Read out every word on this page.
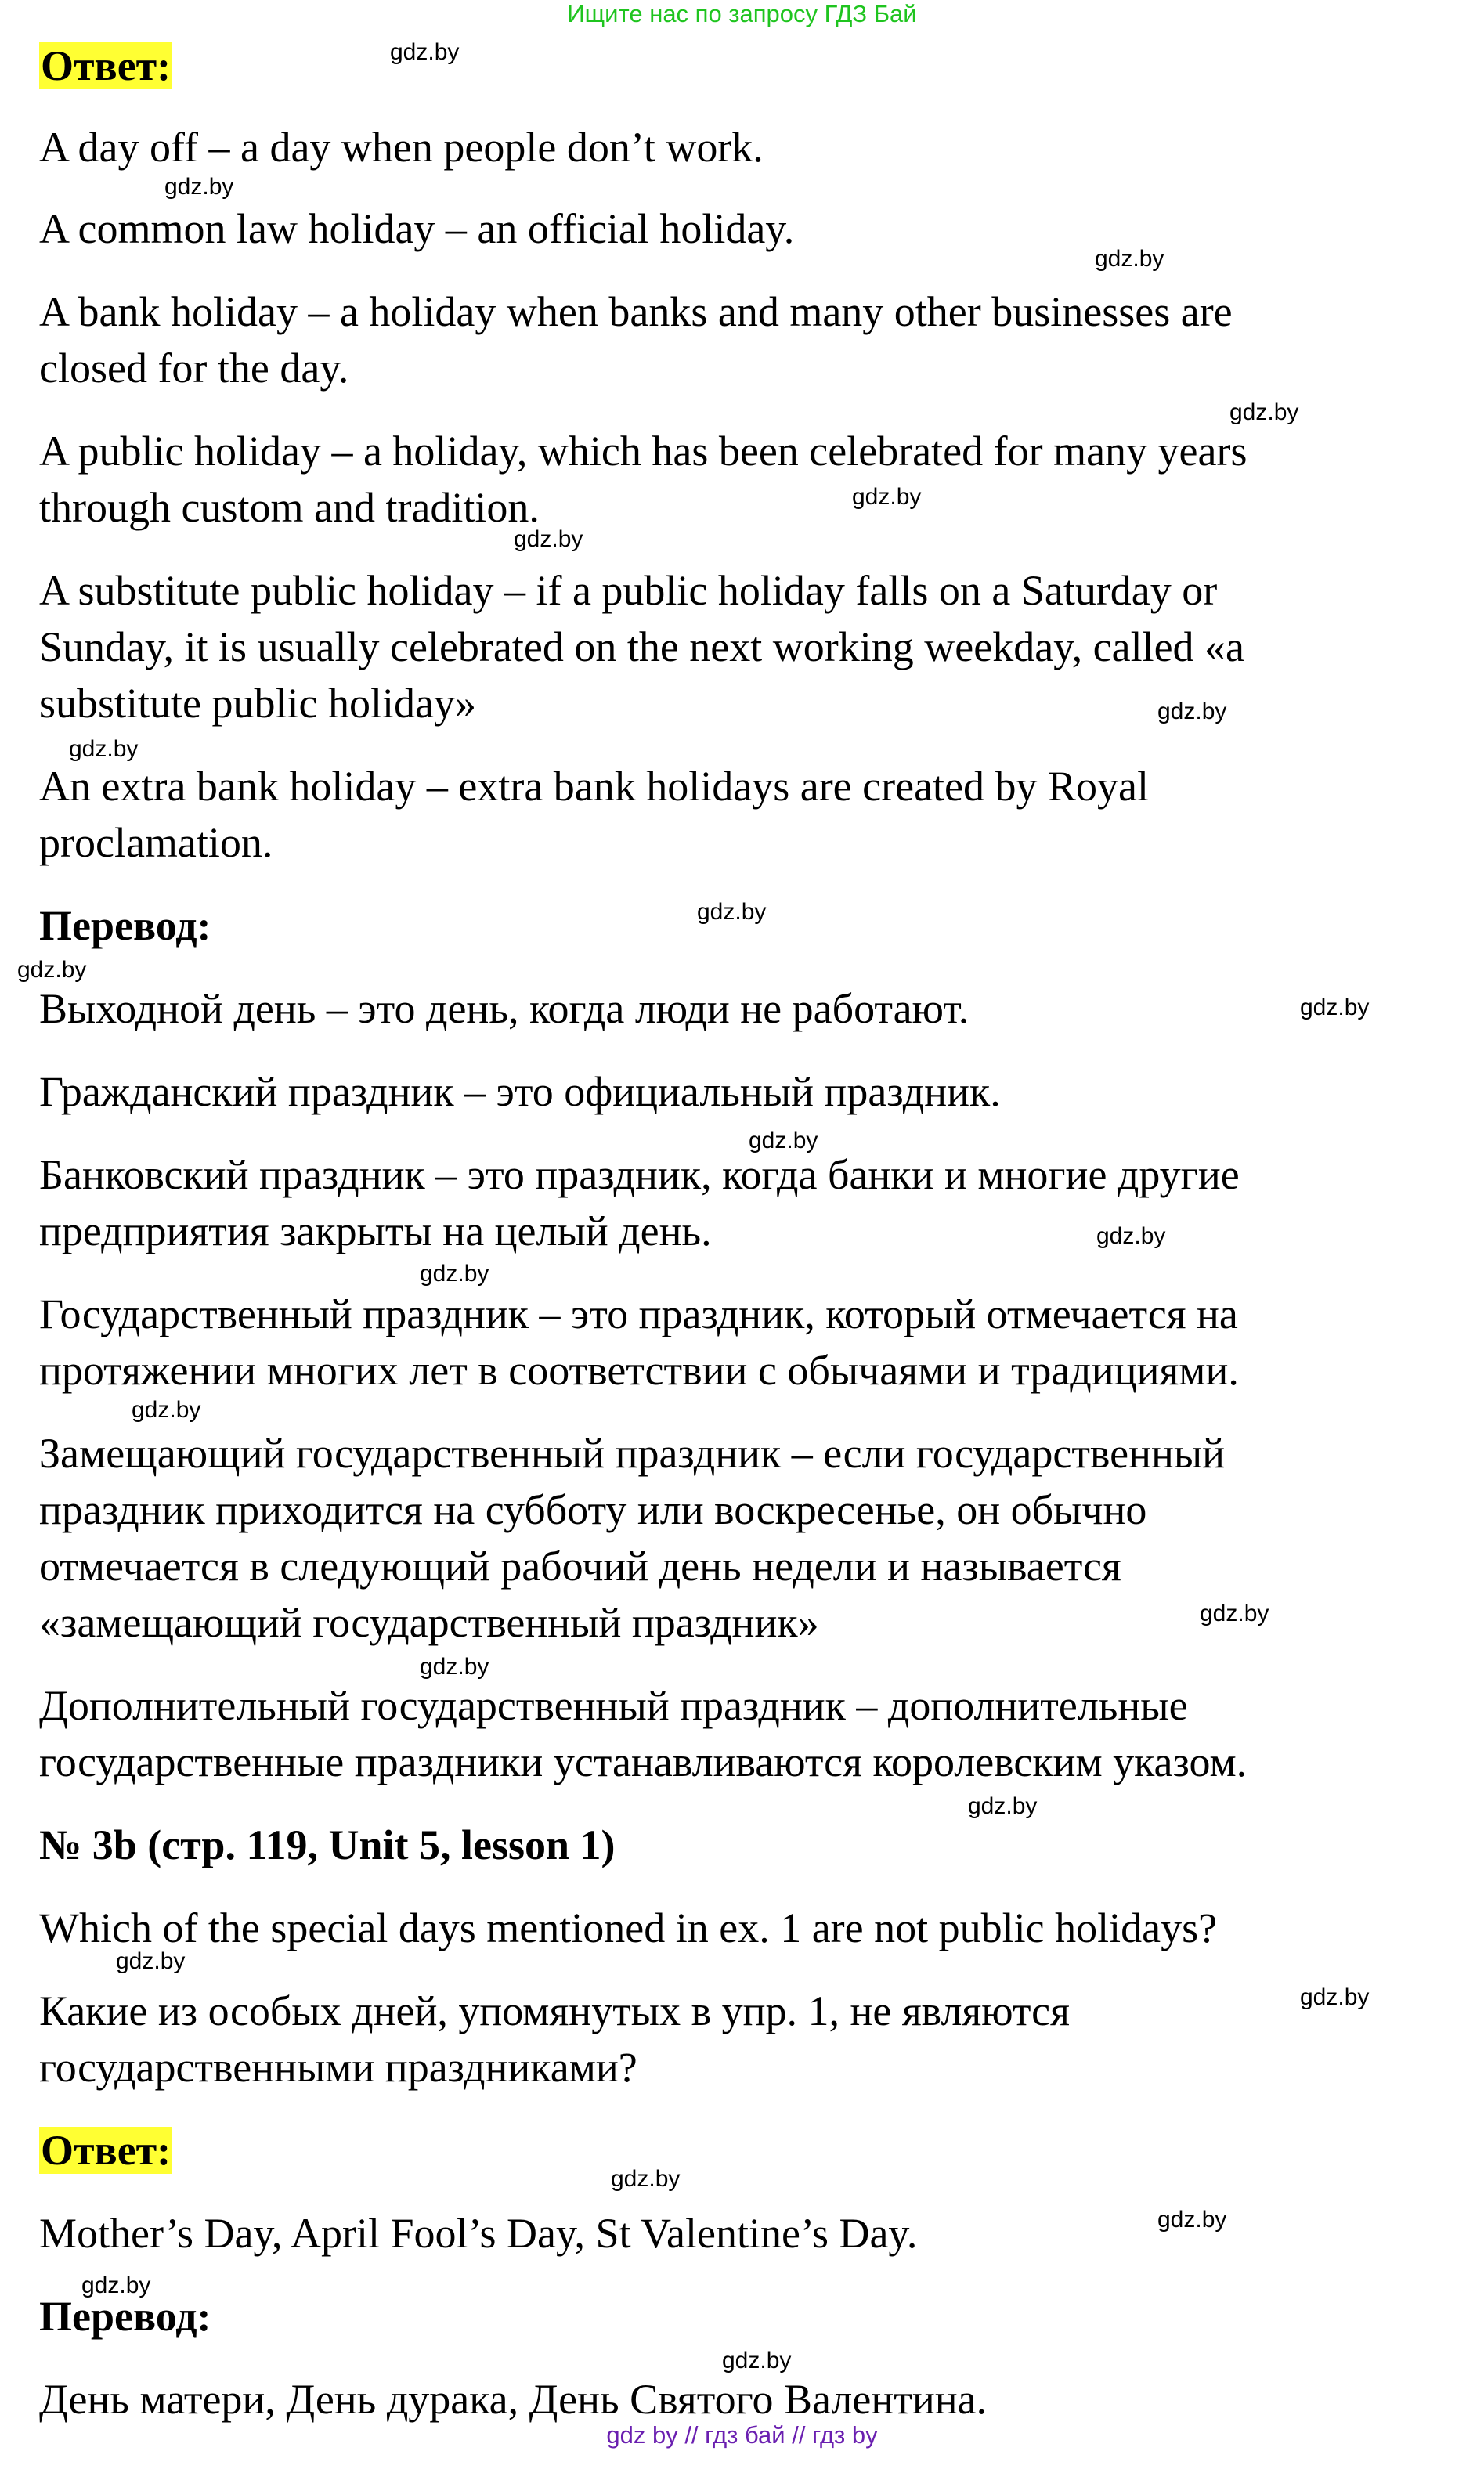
Ищите нас по запросу ГДЗ Бай
Ответ:
A day off – a day when people don’t work.
A common law holiday – an official holiday.
A bank holiday – a holiday when banks and many other businesses are
closed for the day.
A public holiday – a holiday, which has been celebrated for many years
through custom and tradition.
A substitute public holiday – if a public holiday falls on a Saturday or
Sunday, it is usually celebrated on the next working weekday, called «a
substitute public holiday»
An extra bank holiday – extra bank holidays are created by Royal
proclamation.
Перевод:
Выходной день – это день, когда люди не работают.
Гражданский праздник – это официальный праздник.
Банковский праздник – это праздник, когда банки и многие другие
предприятия закрыты на целый день.
Государственный праздник – это праздник, который отмечается на
протяжении многих лет в соответствии с обычаями и традициями.
Замещающий государственный праздник – если государственный
праздник приходится на субботу или воскресенье, он обычно
отмечается в следующий рабочий день недели и называется
«замещающий государственный праздник»
Дополнительный государственный праздник – дополнительные
государственные праздники устанавливаются королевским указом.
№ 3b (стр. 119, Unit 5, lesson 1)
Which of the special days mentioned in ex. 1 are not public holidays?
Какие из особых дней, упомянутых в упр. 1, не являются
государственными праздниками?
Ответ:
Mother’s Day, April Fool’s Day, St Valentine’s Day.
Перевод:
День матери, День дурака, День Святого Валентина.
gdz.by
gdz.by
gdz.by
gdz.by
gdz.by
gdz.by
gdz.by
gdz.by
gdz.by
gdz.by
gdz.by
gdz.by
gdz.by
gdz.by
gdz.by
gdz.by
gdz.by
gdz.by
gdz.by
gdz.by
gdz.by
gdz.by
gdz.by
gdz.by
gdz by // гдз бай // гдз by
